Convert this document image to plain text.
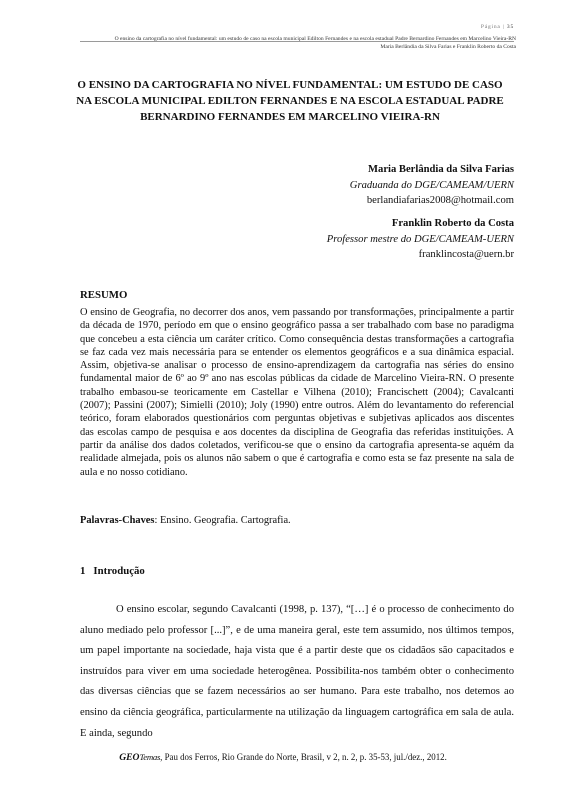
Página | 35
O ensino da cartografia no nível fundamental: um estudo de caso na escola municipal Edilton Fernandes e na escola estadual Padre Bernardino Fernandes em Marcelino Vieira-RN
Maria Berlândia da Silva Farias e Franklin Roberto da Costa
O ENSINO DA CARTOGRAFIA NO NÍVEL FUNDAMENTAL: UM ESTUDO DE CASO NA ESCOLA MUNICIPAL EDILTON FERNANDES E NA ESCOLA ESTADUAL PADRE BERNARDINO FERNANDES EM MARCELINO VIEIRA-RN
Maria Berlândia da Silva Farias
Graduanda do DGE/CAMEAM/UERN
berlandiafarias2008@hotmail.com
Franklin Roberto da Costa
Professor mestre do DGE/CAMEAM-UERN
franklincosta@uern.br
RESUMO
O ensino de Geografia, no decorrer dos anos, vem passando por transformações, principalmente a partir da década de 1970, período em que o ensino geográfico passa a ser trabalhado com base no paradigma que concebeu a esta ciência um caráter crítico. Como consequência destas transformações a cartografia se faz cada vez mais necessária para se entender os elementos geográficos e a sua dinâmica espacial. Assim, objetiva-se analisar o processo de ensino-aprendizagem da cartografia nas séries do ensino fundamental maior de 6º ao 9º ano nas escolas públicas da cidade de Marcelino Vieira-RN. O presente trabalho embasou-se teoricamente em Castellar e Vilhena (2010); Francischett (2004); Cavalcanti (2007); Passini (2007); Simielli (2010); Joly (1990) entre outros. Além do levantamento do referencial teórico, foram elaborados questionários com perguntas objetivas e subjetivas aplicados aos discentes das escolas campo de pesquisa e aos docentes da disciplina de Geografia das referidas instituições. A partir da análise dos dados coletados, verificou-se que o ensino da cartografia apresenta-se aquém da realidade almejada, pois os alunos não sabem o que é cartografia e como esta se faz presente na sala de aula e no nosso cotidiano.
Palavras-Chaves: Ensino. Geografia. Cartografia.
1 Introdução
O ensino escolar, segundo Cavalcanti (1998, p. 137), “[…] é o processo de conhecimento do aluno mediado pelo professor [...]”, e de uma maneira geral, este tem assumido, nos últimos tempos, um papel importante na sociedade, haja vista que é a partir deste que os cidadãos são capacitados e instruídos para viver em uma sociedade heterogênea. Possibilita-nos também obter o conhecimento das diversas ciências que se fazem necessários ao ser humano. Para este trabalho, nos detemos ao ensino da ciência geográfica, particularmente na utilização da linguagem cartográfica em sala de aula. E ainda, segundo
GEOTemas, Pau dos Ferros, Rio Grande do Norte, Brasil, v 2, n. 2, p. 35-53, jul./dez., 2012.
